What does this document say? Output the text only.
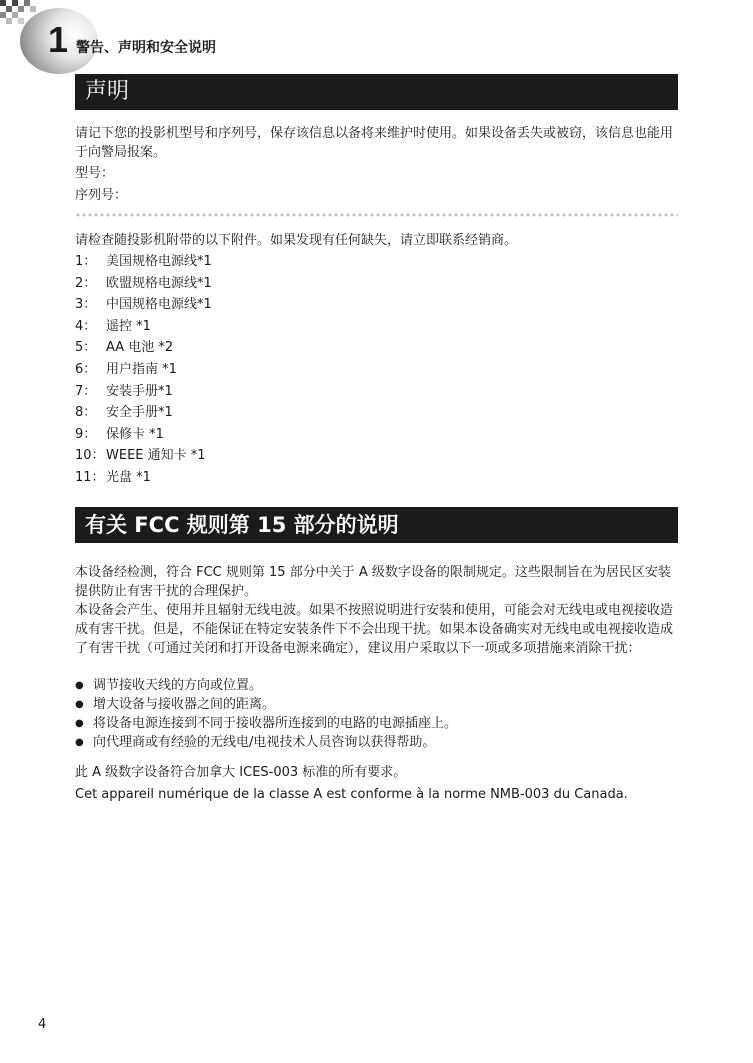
1 警告、声明和安全说明
声明

请记下您的投影机型号和序列号，保存该信息以备将来维护时使用。如果设备丢失或被窃，该信息也能用于向警局报案。

型号：

序列号：

请检查随投影机附带的以下附件。如果发现有任何缺失，请立即联系经销商。

1： 美国规格电源线*1
2： 欧盟规格电源线*1
3： 中国规格电源线*1
4： 遥控 *1
5： AA 电池 *2
6： 用户指南 *1
7： 安装手册*1
8： 安全手册*1
9： 保修卡 *1
10： WEEE 通知卡 *1
11： 光盘 *1
有关 FCC 规则第 15 部分的说明

本设备经检测，符合 FCC 规则第 15 部分中关于 A 级数字设备的限制规定。这些限制旨在为居民区安装提供防止有害干扰的合理保护。

本设备会产生、使用并且辐射无线电波。如果不按照说明进行安装和使用，可能会对无线电或电视接收造成有害干扰。但是，不能保证在特定安装条件下不会出现干扰。如果本设备确实对无线电或电视接收造成了有害干扰（可通过关闭和打开设备电源来确定），建议用户采取以下一项或多项措施来消除干扰：

● 调节接收天线的方向或位置。
● 增大设备与接收器之间的距离。
● 将设备电源连接到不同于接收器所连接到的电路的电源插座上。
● 向代理商或有经验的无线电/电视技术人员咨询以获得帮助。

此 A 级数字设备符合加拿大 ICES-003 标准的所有要求。

Cet appareil numérique de la classe A est conforme à la norme NMB-003 du Canada.

4
